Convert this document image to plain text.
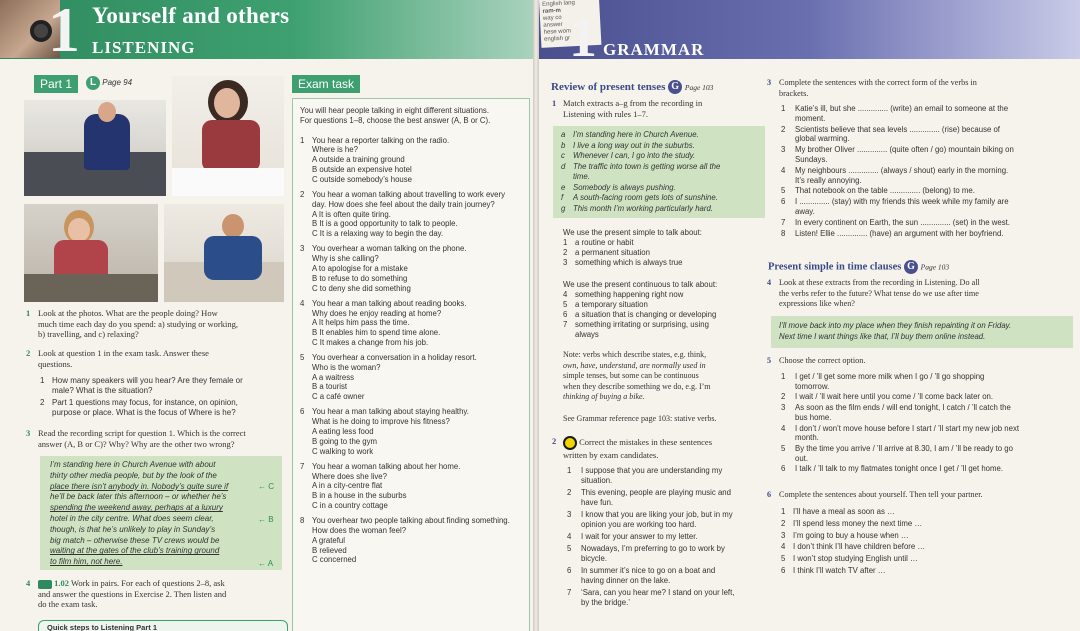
1 Yourself and others
LISTENING
Part 1	L Page 94
1 Look at the photos. What are the people doing? How
much time each day do you spend: a) studying or working,
b) travelling, and c) relaxing?
2 Look at question 1 in the exam task. Answer these
questions.
1 How many speakers will you hear? Are they female or
male? What is the situation?
2 Part 1 questions may focus, for instance, on opinion,
purpose or place. What is the focus of Where is he?
3 Read the recording script for question 1. Which is the correct
answer (A, B or C)? Why? Why are the other two wrong?
I’m standing here in Church Avenue with about
thirty other media people, but by the look of the
place there isn’t anybody in. Nobody’s quite sure if
he’ll be back later this afternoon – or whether he’s
spending the weekend away, perhaps at a luxury
hotel in the city centre. What does seem clear,
though, is that he’s unlikely to play in Sunday’s
big match – otherwise these TV crews would be
waiting at the gates of the club’s training ground
to film him, not here.
← C
← B
← A
4	1.02 Work in pairs. For each of questions 2–8, ask
and answer the questions in Exercise 2. Then listen and
do the exam task.
Quick steps to Listening Part 1
Exam task
You will hear people talking in eight different situations.
For questions 1–8, choose the best answer (A, B or C).
1 You hear a reporter talking on the radio.
Where is he?
A outside a training ground
B outside an expensive hotel
C outside somebody’s house
2 You hear a woman talking about travelling to work every
day. How does she feel about the daily train journey?
A It is often quite tiring.
B It is a good opportunity to talk to people.
C It is a relaxing way to begin the day.
3 You overhear a woman talking on the phone.
Why is she calling?
A to apologise for a mistake
B to refuse to do something
C to deny she did something
4 You hear a man talking about reading books.
Why does he enjoy reading at home?
A It helps him pass the time.
B It enables him to spend time alone.
C It makes a change from his job.
5 You overhear a conversation in a holiday resort.
Who is the woman?
A a waitress
B a tourist
C a café owner
6 You hear a man talking about staying healthy.
What is he doing to improve his fitness?
A eating less food
B going to the gym
C walking to work
7 You hear a woman talking about her home.
Where does she live?
A in a city-centre flat
B in a house in the suburbs
C in a country cottage
8 You overhear two people talking about finding something.
How does the woman feel?
A grateful
B relieved
C concerned
English lang
ram-m
way co
answer
hese wom
english gr
1 GRAMMAR
Review of present tenses G Page 103
1 Match extracts a–g from the recording in
Listening with rules 1–7.
a I’m standing here in Church Avenue.
b I live a long way out in the suburbs.
c Whenever I can, I go into the study.
d The traffic into town is getting worse all the
time.
e Somebody is always pushing.
f A south-facing room gets lots of sunshine.
g This month I’m working particularly hard.
We use the present simple to talk about:
1 a routine or habit
2 a permanent situation
3 something which is always true
We use the present continuous to talk about:
4 something happening right now
5 a temporary situation
6 a situation that is changing or developing
7 something irritating or surprising, using
always
Note: verbs which describe states, e.g. think,
own, have, understand, are normally used in
simple tenses, but some can be continuous
when they describe something we do, e.g. I’m
thinking of buying a bike.
See Grammar reference page 103: stative verbs.
2	Correct the mistakes in these sentences
written by exam candidates.
1 I suppose that you are understanding my
situation.
2 This evening, people are playing music and
have fun.
3 I know that you are liking your job, but in my
opinion you are working too hard.
4 I wait for your answer to my letter.
5 Nowadays, I’m preferring to go to work by
bicycle.
6 In summer it’s nice to go on a boat and
having dinner on the lake.
7 ‘Sara, can you hear me? I stand on your left,
by the bridge.’
3 Complete the sentences with the correct form of the verbs in
brackets.
1 Katie’s ill, but she .............. (write) an email to someone at the
moment.
2 Scientists believe that sea levels .............. (rise) because of
global warming.
3 My brother Oliver .............. (quite often / go) mountain biking on
Sundays.
4 My neighbours .............. (always / shout) early in the morning.
It’s really annoying.
5 That notebook on the table .............. (belong) to me.
6 I .............. (stay) with my friends this week while my family are
away.
7 In every continent on Earth, the sun .............. (set) in the west.
8 Listen! Ellie .............. (have) an argument with her boyfriend.
Present simple in time clauses G Page 103
4 Look at these extracts from the recording in Listening. Do all
the verbs refer to the future? What tense do we use after time
expressions like when?
I’ll move back into my place when they finish repainting it on Friday.
Next time I want things like that, I’ll buy them online instead.
5 Choose the correct option.
1 I get / ’ll get some more milk when I go / ’ll go shopping
tomorrow.
2 I wait / ’ll wait here until you come / ’ll come back later on.
3 As soon as the film ends / will end tonight, I catch / ’ll catch the
bus home.
4 I don’t / won’t move house before I start / ’ll start my new job next
month.
5 By the time you arrive / ’ll arrive at 8.30, I am / ’ll be ready to go
out.
6 I talk / ’ll talk to my flatmates tonight once I get / ’ll get home.
6 Complete the sentences about yourself. Then tell your partner.
1 I’ll have a meal as soon as …
2 I’ll spend less money the next time …
3 I’m going to buy a house when …
4 I don’t think I’ll have children before …
5 I won’t stop studying English until …
6 I think I’ll watch TV after …
